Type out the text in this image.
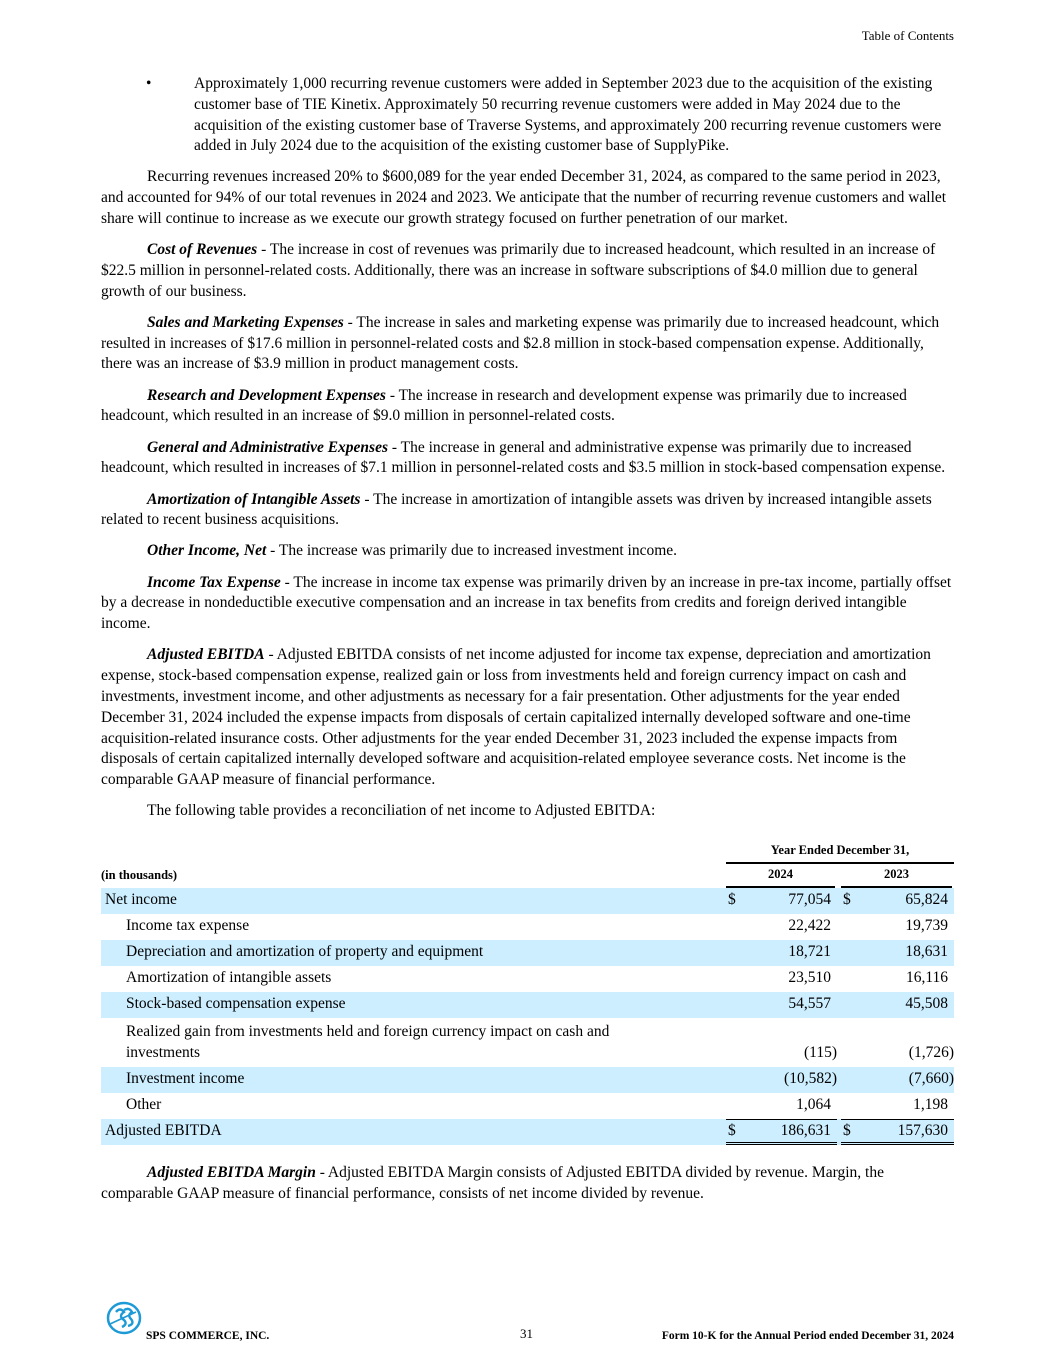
Table of Contents
•	Approximately 1,000 recurring revenue customers were added in September 2023 due to the acquisition of the existing customer base of TIE Kinetix. Approximately 50 recurring revenue customers were added in May 2024 due to the acquisition of the existing customer base of Traverse Systems, and approximately 200 recurring revenue customers were added in July 2024 due to the acquisition of the existing customer base of SupplyPike.

Recurring revenues increased 20% to $600,089 for the year ended December 31, 2024, as compared to the same period in 2023, and accounted for 94% of our total revenues in 2024 and 2023. We anticipate that the number of recurring revenue customers and wallet share will continue to increase as we execute our growth strategy focused on further penetration of our market.

Cost of Revenues - The increase in cost of revenues was primarily due to increased headcount, which resulted in an increase of $22.5 million in personnel-related costs. Additionally, there was an increase in software subscriptions of $4.0 million due to general growth of our business.

Sales and Marketing Expenses - The increase in sales and marketing expense was primarily due to increased headcount, which resulted in increases of $17.6 million in personnel-related costs and $2.8 million in stock-based compensation expense. Additionally, there was an increase of $3.9 million in product management costs.

Research and Development Expenses - The increase in research and development expense was primarily due to increased headcount, which resulted in an increase of $9.0 million in personnel-related costs.

General and Administrative Expenses - The increase in general and administrative expense was primarily due to increased headcount, which resulted in increases of $7.1 million in personnel-related costs and $3.5 million in stock-based compensation expense.

Amortization of Intangible Assets - The increase in amortization of intangible assets was driven by increased intangible assets related to recent business acquisitions.

Other Income, Net - The increase was primarily due to increased investment income.

Income Tax Expense - The increase in income tax expense was primarily driven by an increase in pre-tax income, partially offset by a decrease in nondeductible executive compensation and an increase in tax benefits from credits and foreign derived intangible income.

Adjusted EBITDA - Adjusted EBITDA consists of net income adjusted for income tax expense, depreciation and amortization expense, stock-based compensation expense, realized gain or loss from investments held and foreign currency impact on cash and investments, investment income, and other adjustments as necessary for a fair presentation. Other adjustments for the year ended December 31, 2024 included the expense impacts from disposals of certain capitalized internally developed software and one-time acquisition-related insurance costs. Other adjustments for the year ended December 31, 2023 included the expense impacts from disposals of certain capitalized internally developed software and acquisition-related employee severance costs. Net income is the comparable GAAP measure of financial performance.

The following table provides a reconciliation of net income to Adjusted EBITDA:

	Year Ended December 31,			

(in thousands)	2024		2023	

Net income	$	77,054	$	65,824
Income tax expense		22,422		19,739
Depreciation and amortization of property and equipment		18,721		18,631
Amortization of intangible assets		23,510		16,116
Stock-based compensation expense		54,557		45,508
Realized gain from investments held and foreign currency impact on cash and investments		(115)		(1,726)
Investment income		(10,582)		(7,660)
Other		1,064		1,198
Adjusted EBITDA	$ 186,631		$ 157,630	

Adjusted EBITDA Margin - Adjusted EBITDA Margin consists of Adjusted EBITDA divided by revenue. Margin, the comparable GAAP measure of financial performance, consists of net income divided by revenue.

SPS COMMERCE, INC.	31	Form 10-K for the Annual Period ended December 31, 2024
